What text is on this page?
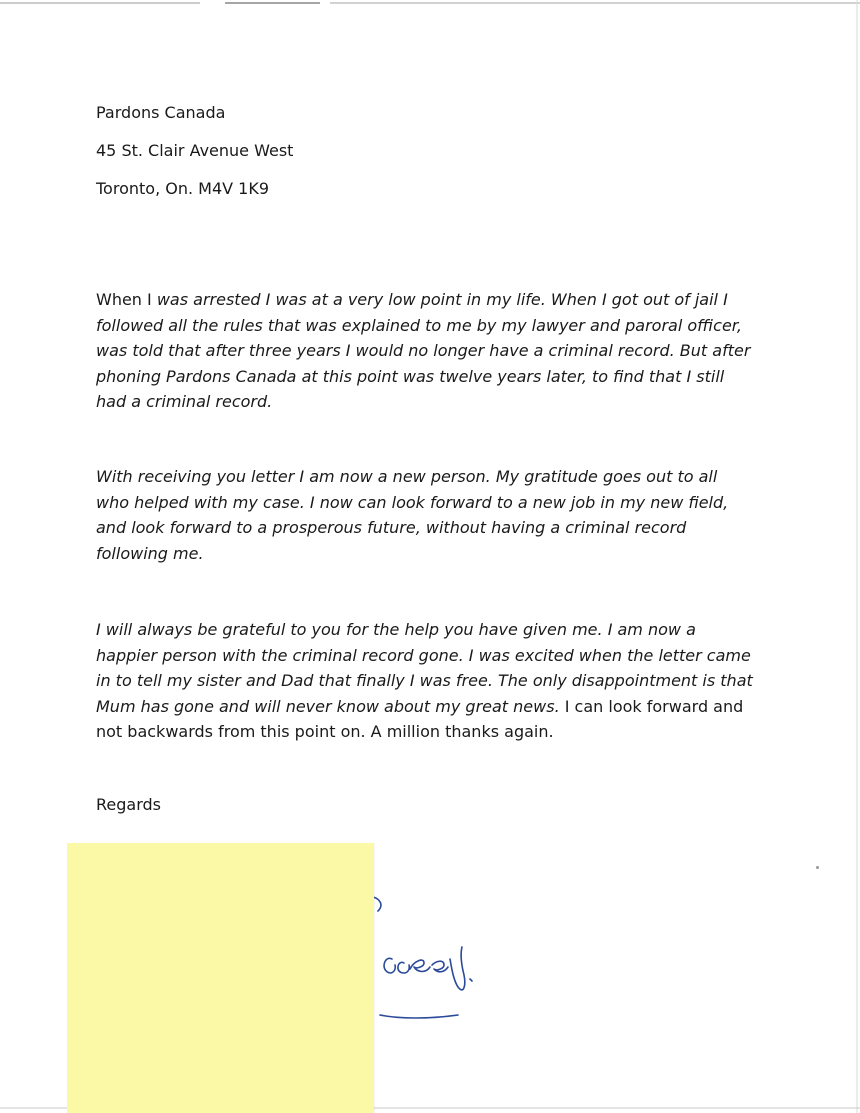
Pardons Canada
45 St. Clair Avenue West
Toronto, On. M4V 1K9
When I was arrested I was at a very low point in my life. When I got out of jail I
followed all the rules that was explained to me by my lawyer and paroral officer,
was told that after three years I would no longer have a criminal record. But after
phoning Pardons Canada at this point was twelve years later, to find that I still
had a criminal record.
With receiving you letter I am now a new person. My gratitude goes out to all
who helped with my case. I now can look forward to a new job in my new field,
and look forward to a prosperous future, without having a criminal record
following me.
I will always be grateful to you for the help you have given me. I am now a
happier person with the criminal record gone. I was excited when the letter came
in to tell my sister and Dad that finally I was free. The only disappointment is that
Mum has gone and will never know about my great news. I can look forward and
not backwards from this point on. A million thanks again.
Regards
